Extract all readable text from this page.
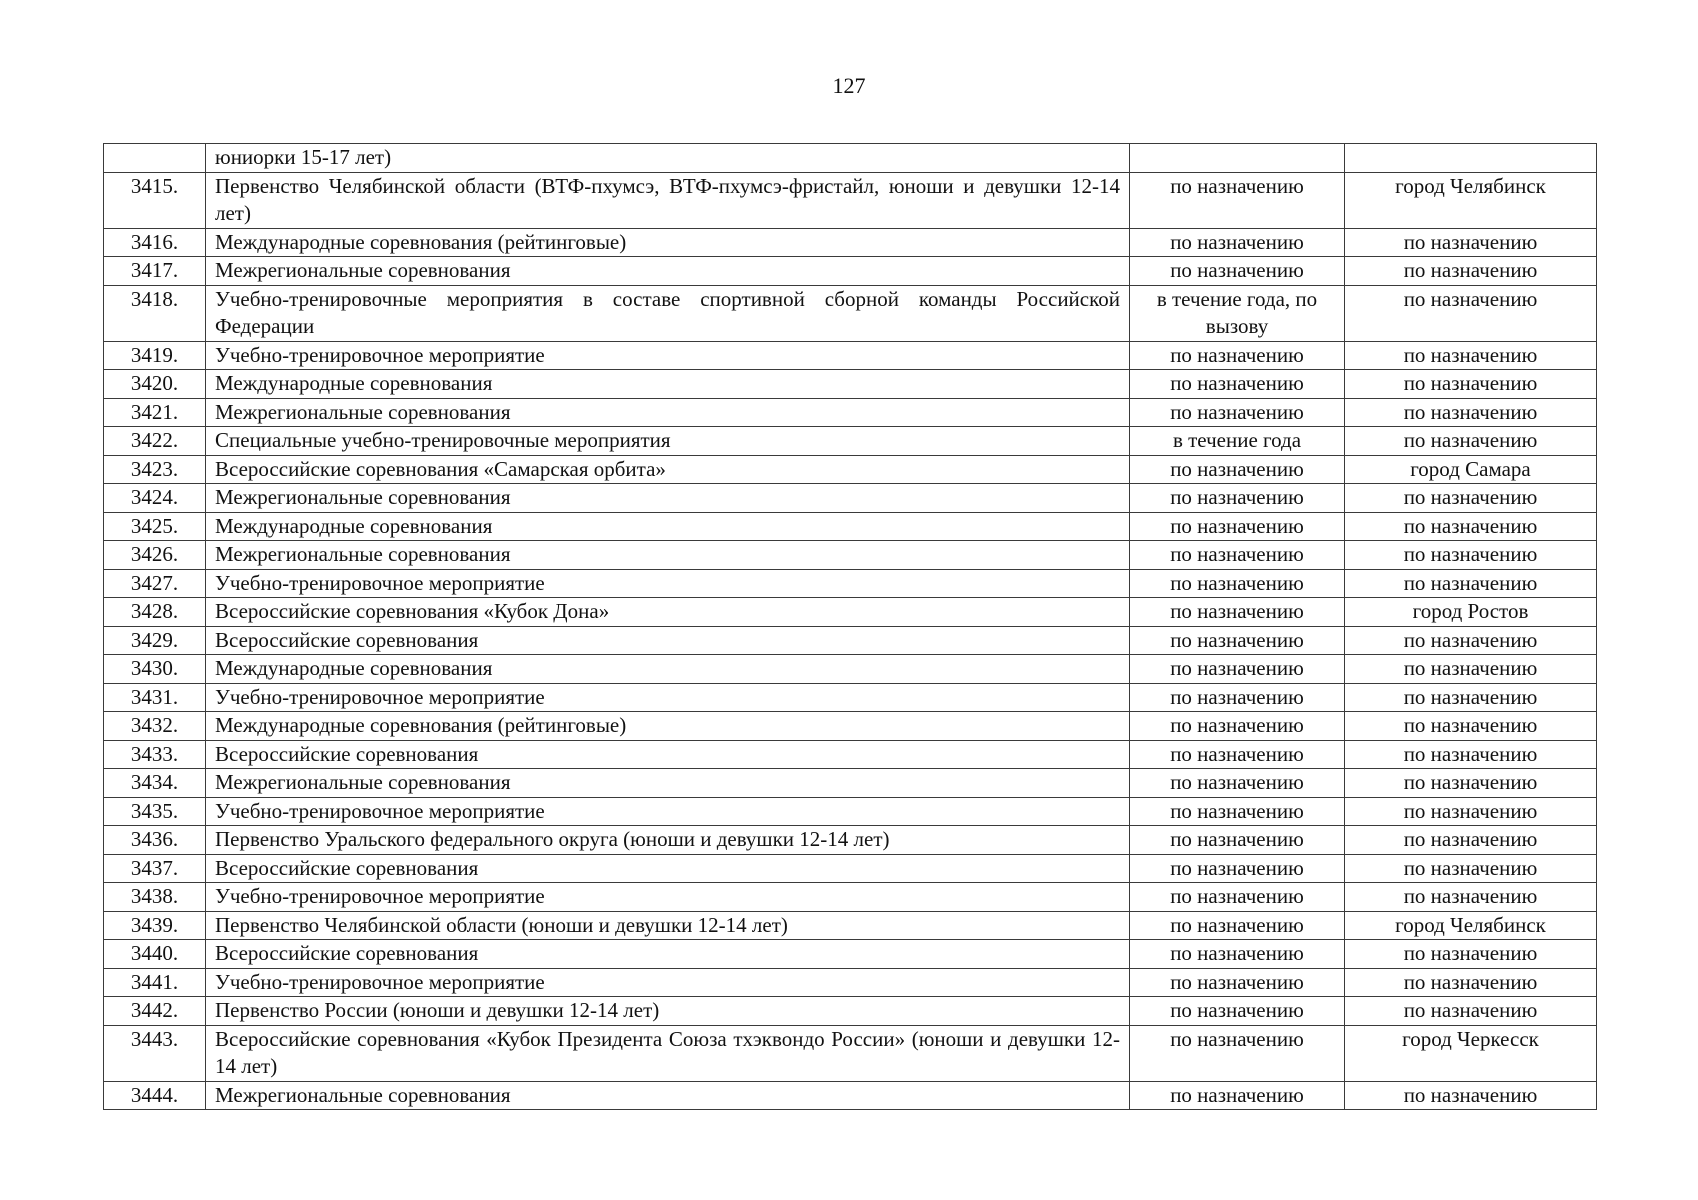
127
	юниорки 15-17 лет)		
3415.	Первенство Челябинской области (ВТФ-пхумсэ, ВТФ-пхумсэ-фристайл, юноши и девушки 12-14 лет)	по назначению	город Челябинск
3416.	Международные соревнования (рейтинговые)	по назначению	по назначению
3417.	Межрегиональные соревнования	по назначению	по назначению
3418.	Учебно-тренировочные мероприятия в составе спортивной сборной команды Российской Федерации	в течение года, по вызову	по назначению
3419.	Учебно-тренировочное мероприятие	по назначению	по назначению
3420.	Международные соревнования	по назначению	по назначению
3421.	Межрегиональные соревнования	по назначению	по назначению
3422.	Специальные учебно-тренировочные мероприятия	в течение года	по назначению
3423.	Всероссийские соревнования «Самарская орбита»	по назначению	город Самара
3424.	Межрегиональные соревнования	по назначению	по назначению
3425.	Международные соревнования	по назначению	по назначению
3426.	Межрегиональные соревнования	по назначению	по назначению
3427.	Учебно-тренировочное мероприятие	по назначению	по назначению
3428.	Всероссийские соревнования «Кубок Дона»	по назначению	город Ростов
3429.	Всероссийские соревнования	по назначению	по назначению
3430.	Международные соревнования	по назначению	по назначению
3431.	Учебно-тренировочное мероприятие	по назначению	по назначению
3432.	Международные соревнования (рейтинговые)	по назначению	по назначению
3433.	Всероссийские соревнования	по назначению	по назначению
3434.	Межрегиональные соревнования	по назначению	по назначению
3435.	Учебно-тренировочное мероприятие	по назначению	по назначению
3436.	Первенство Уральского федерального округа (юноши и девушки 12-14 лет)	по назначению	по назначению
3437.	Всероссийские соревнования	по назначению	по назначению
3438.	Учебно-тренировочное мероприятие	по назначению	по назначению
3439.	Первенство Челябинской области (юноши и девушки 12-14 лет)	по назначению	город Челябинск
3440.	Всероссийские соревнования	по назначению	по назначению
3441.	Учебно-тренировочное мероприятие	по назначению	по назначению
3442.	Первенство России (юноши и девушки 12-14 лет)	по назначению	по назначению
3443.	Всероссийские соревнования «Кубок Президента Союза тхэквондо России» (юноши и девушки 12-14 лет)	по назначению	город Черкесск
3444.	Межрегиональные соревнования	по назначению	по назначению
